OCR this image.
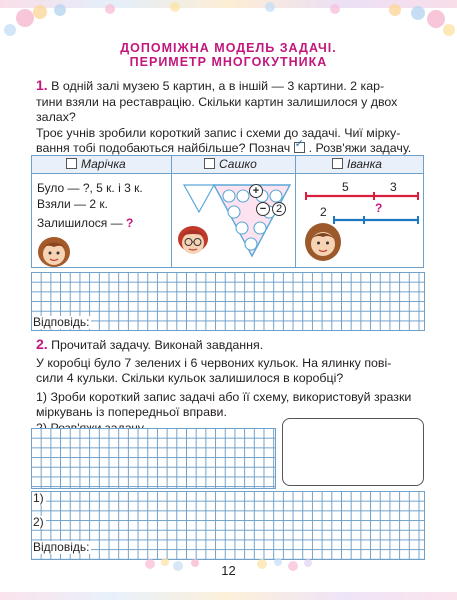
ДОПОМІЖНА МОДЕЛЬ ЗАДАЧІ.
ПЕРИМЕТР МНОГОКУТНИКА
1. В одній залі музею 5 картин, а в іншій — 3 картини. 2 кар-
тини взяли на реставрацію. Скільки картин залишилося у двох
залах?
Троє учнів зробили короткий запис і схеми до задачі. Чиї мірку-
вання тобі подобаються найбільше? Познач ✓ . Розв'яжи задачу.
Марічка	Сашко	Іванка
Було — ?, 5 к. і 3 к.
Взяли — 2 к.
Залишилося — ?
+
− 2
5	3
2	?
Відповідь:
2. Прочитай задачу. Виконай завдання.
У коробці було 7 зелених і 6 червоних кульок. На ялинку пові-
сили 4 кульки. Скільки кульок залишилося в коробці?
1) Зроби короткий запис задачі або її схему, використовуй зразки
міркувань із попередньої вправи.
1)
2)
Відповідь:
12
